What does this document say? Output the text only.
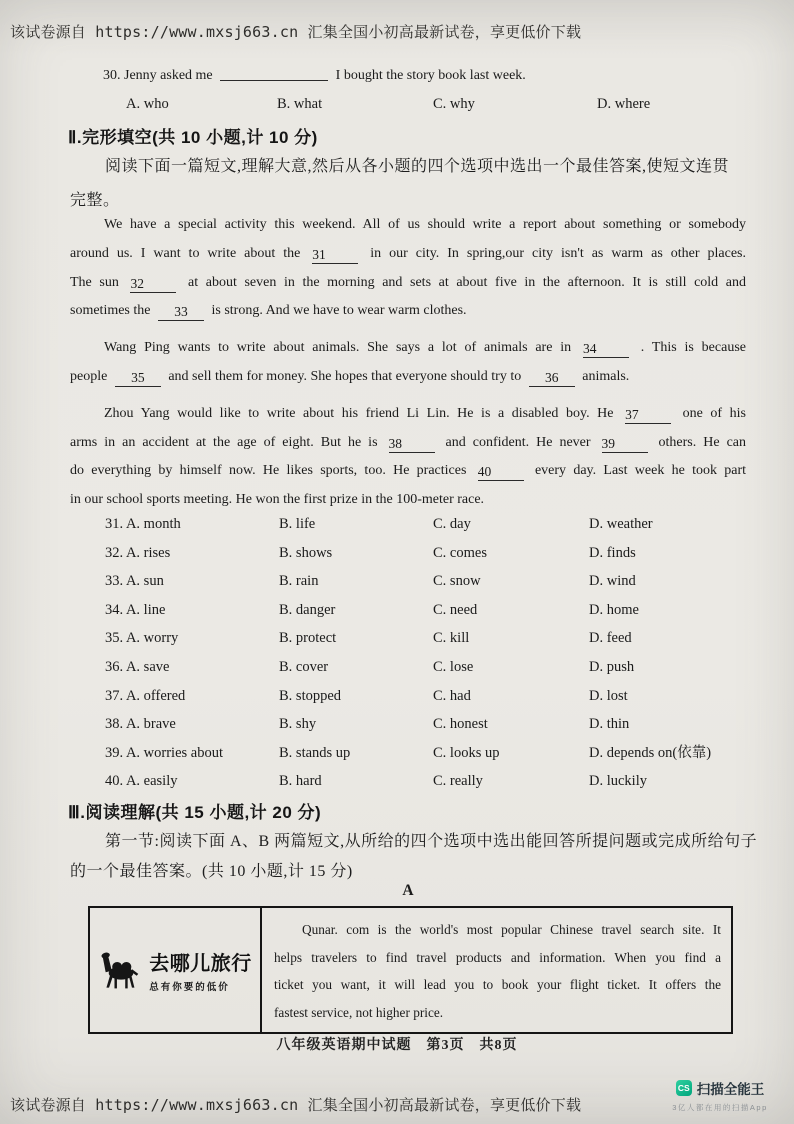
该试卷源自 https://www.mxsj663.cn 汇集全国小初高最新试卷，享更低价下载
30. Jenny asked me	I bought the story book last week.
A. who	B. what	C. why	D. where
Ⅱ.完形填空(共 10 小题,计 10 分)
阅读下面一篇短文,理解大意,然后从各小题的四个选项中选出一个最佳答案,使短文连贯
完整。
We have a special activity this weekend. All of us should write a report about something or somebody
around us. I want to write about the 31	in our city. In spring,our city isn't as warm as other places.
The sun 32	at about seven in the morning and sets at about five in the afternoon. It is still cold and
sometimes the 33 is strong. And we have to wear warm clothes.
Wang Ping wants to write about animals. She says a lot of animals are in 34	. This is because
people 35 and sell them for money. She hopes that everyone should try to 36 animals.
Zhou Yang would like to write about his friend Li Lin. He is a disabled boy. He 37	one of his
arms in an accident at the age of eight. But he is 38	and confident. He never 39	others. He can
do everything by himself now. He likes sports, too. He practices 40	every day. Last week he took part
in our school sports meeting. He won the first prize in the 100-meter race.
31. A. month	B. life	C. day	D. weather
32. A. rises	B. shows	C. comes	D. finds
33. A. sun	B. rain	C. snow	D. wind
34. A. line	B. danger	C. need	D. home
35. A. worry	B. protect	C. kill	D. feed
36. A. save	B. cover	C. lose	D. push
37. A. offered	B. stopped	C. had	D. lost
38. A. brave	B. shy	C. honest	D. thin
39. A. worries about	B. stands up	C. looks up	D. depends on(依靠)
40. A. easily	B. hard	C. really	D. luckily
Ⅲ.阅读理解(共 15 小题,计 20 分)
第一节:阅读下面 A、B 两篇短文,从所给的四个选项中选出能回答所提问题或完成所给句子
的一个最佳答案。(共 10 小题,计 15 分)
A
去哪儿旅行
总有你要的低价
Qunar. com is the world's most popular Chinese travel search site. It
helps travelers to find travel products and information. When you find a
ticket you want, it will lead you to book your flight ticket. It offers the
fastest service, not higher price.
八年级英语期中试题　第3页　共8页
该试卷源自 https://www.mxsj663.cn 汇集全国小初高最新试卷，享更低价下载
CS 扫描全能王
3亿人都在用的扫描App
